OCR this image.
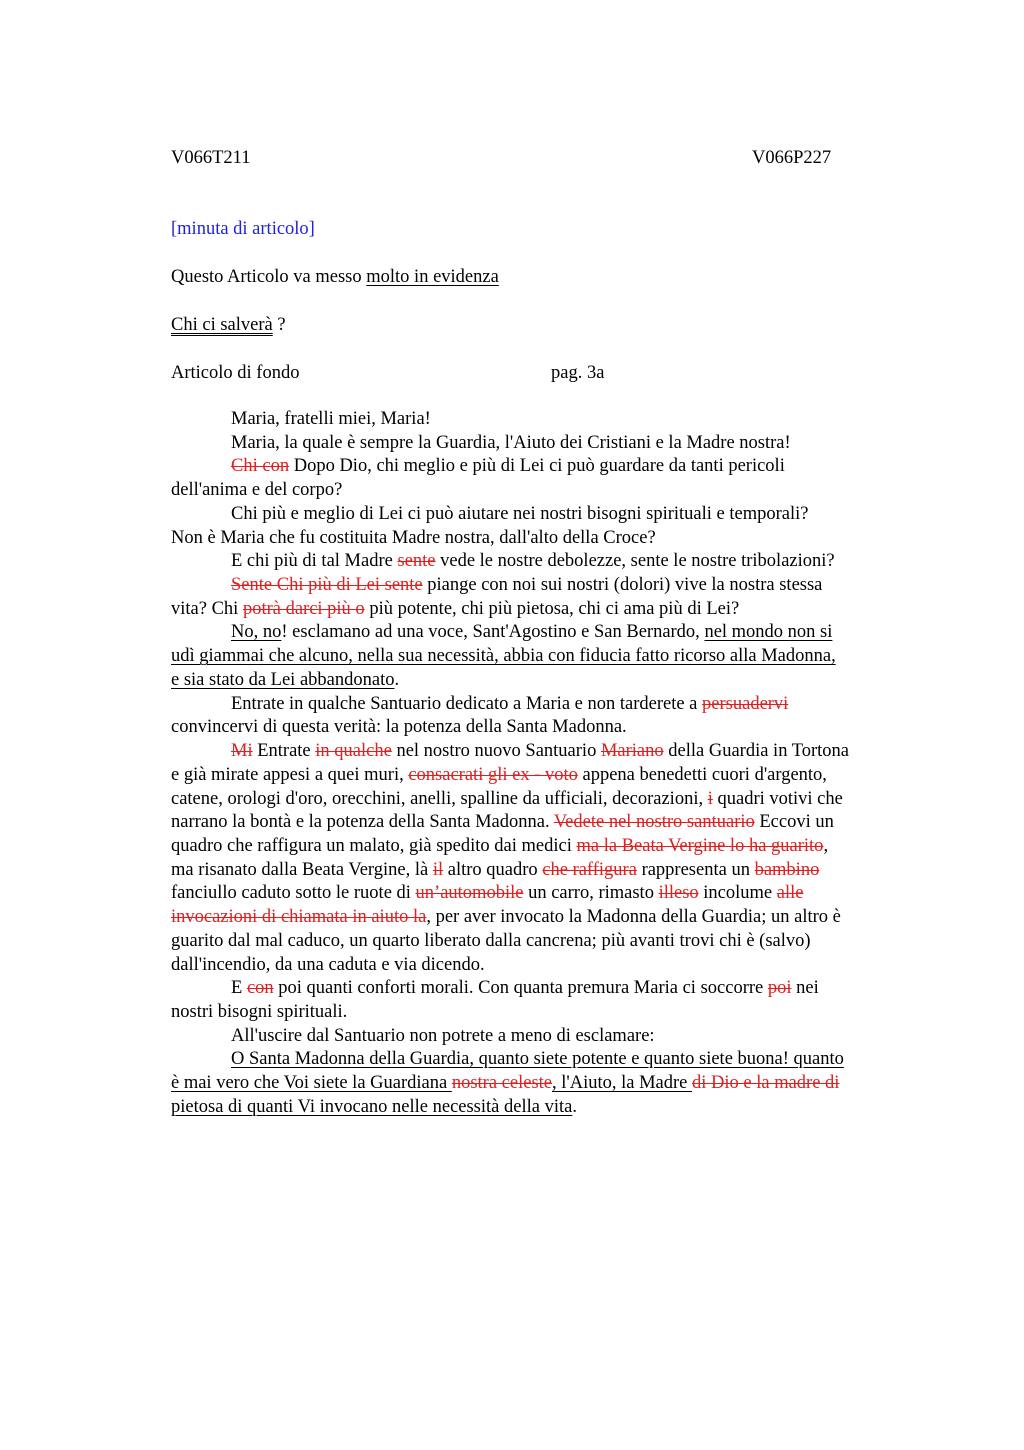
V066T211	V066P227
[minuta di articolo]
Questo Articolo va messo molto in evidenza
Chi ci salverà ?
Articolo di fondo	pag. 3a
Maria, fratelli miei, Maria!
Maria, la quale è sempre la Guardia, l'Aiuto dei Cristiani e la Madre nostra!
Chi con Dopo Dio, chi meglio e più di Lei ci può guardare da tanti pericoli
dell'anima e del corpo?
Chi più e meglio di Lei ci può aiutare nei nostri bisogni spirituali e temporali?
Non è Maria che fu costituita Madre nostra, dall'alto della Croce?
E chi più di tal Madre sente vede le nostre debolezze, sente le nostre tribolazioni?
Sente Chi più di Lei sente piange con noi sui nostri (dolori) vive la nostra stessa
vita? Chi potrà darci più o più potente, chi più pietosa, chi ci ama più di Lei?
No, no! esclamano ad una voce, Sant'Agostino e San Bernardo, nel mondo non si
udì giammai che alcuno, nella sua necessità, abbia con fiducia fatto ricorso alla Madonna,
e sia stato da Lei abbandonato.
Entrate in qualche Santuario dedicato a Maria e non tarderete a persuadervi
convincervi di questa verità: la potenza della Santa Madonna.
Mi Entrate in qualche nel nostro nuovo Santuario Mariano della Guardia in Tortona
e già mirate appesi a quei muri, consacrati gli ex - voto appena benedetti cuori d'argento,
catene, orologi d'oro, orecchini, anelli, spalline da ufficiali, decorazioni, i quadri votivi che
narrano la bontà e la potenza della Santa Madonna. Vedete nel nostro santuario Eccovi un
quadro che raffigura un malato, già spedito dai medici ma la Beata Vergine lo ha guarito,
ma risanato dalla Beata Vergine, là il altro quadro che raffigura rappresenta un bambino
fanciullo caduto sotto le ruote di un’automobile un carro, rimasto illeso incolume alle
invocazioni di chiamata in aiuto la, per aver invocato la Madonna della Guardia; un altro è
guarito dal mal caduco, un quarto liberato dalla cancrena; più avanti trovi chi è (salvo)
dall'incendio, da una caduta e via dicendo.
E con poi quanti conforti morali. Con quanta premura Maria ci soccorre poi nei
nostri bisogni spirituali.
All'uscire dal Santuario non potrete a meno di esclamare:
O Santa Madonna della Guardia, quanto siete potente e quanto siete buona! quanto
è mai vero che Voi siete la Guardiana nostra celeste, l'Aiuto, la Madre di Dio e la madre di
pietosa di quanti Vi invocano nelle necessità della vita.
